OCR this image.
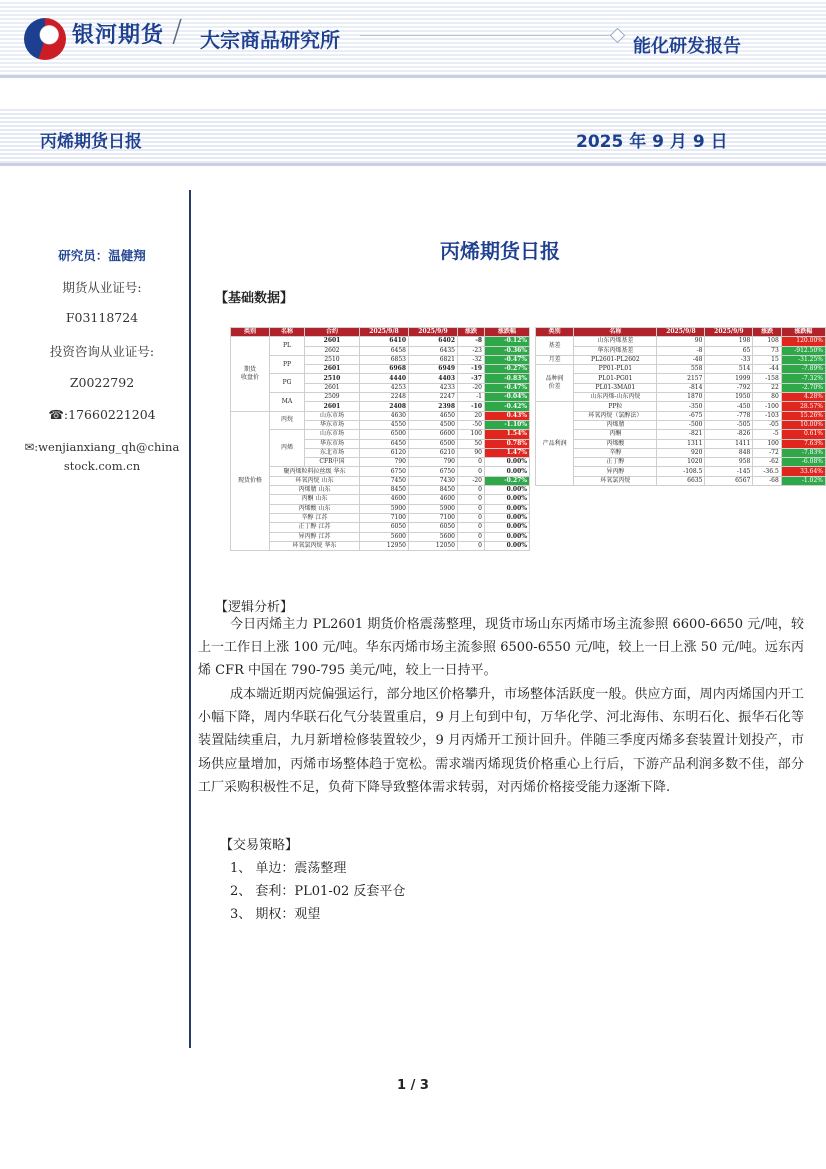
银河期货 / 大宗商品研究所	能化研发报告
丙烯期货日报	2025 年 9 月 9 日
研究员：温健翔
期货从业证号:
F03118724
投资咨询从业证号:
Z0022792
☎:17660221204
✉:wenjianxiang_qh@china
stock.com.cn
丙烯期货日报
【基础数据】
类别	名称	合约	2025/9/8	2025/9/9	涨跌	涨跌幅
期货
收盘价	PL	2601	6410	6402	-8	-0.12%
		2602	6458	6435	-23	-0.36%
	PP	2510	6853	6821	-32	-0.47%
		2601	6968	6949	-19	-0.27%
	PG	2510	4440	4403	-37	-0.83%
		2601	4253	4233	-20	-0.47%
	MA	2509	2248	2247	-1	-0.04%
		2601	2408	2398	-10	-0.42%
现货价格	丙烷	山东市场	4630	4650	20	0.43%
		华东市场	4550	4500	-50	-1.10%
	丙烯	山东市场	6500	6600	100	1.54%
		华东市场	6450	6500	50	0.78%
		东北市场	6120	6210	90	1.47%
		CFR中国	790	790	0	0.00%
	聚丙烯粒料拉丝级 华东		6750	6750	0	0.00%
	环氧丙烷 山东		7450	7430	-20	-0.27%
	丙烯腈 山东		8450	8450	0	0.00%
	丙酮 山东		4600	4600	0	0.00%
	丙烯酸 山东		5900	5900	0	0.00%
	辛醇 江苏		7100	7100	0	0.00%
	正丁醇 江苏		6050	6050	0	0.00%
	异丙醇 江苏		5600	5600	0	0.00%
	环氧氯丙烷 华东		12950	12050	0	0.00%
类别	名称	2025/9/8	2025/9/9	涨跌	涨跌幅
基差	山东丙烯基差	90	198	108	120.00%
	华东丙烯基差	-8	65	73	-912.50%
月差	PL2601-PL2602	-48	-33	15	-31.25%
品种间
价差	PP01-PL01	558	514	-44	-7.89%
	PL01-PG01	2157	1999	-158	-7.32%
	PL01-3MA01	-814	-792	22	-2.70%
	山东丙烯-山东丙烷	1870	1950	80	4.28%
产品利润	PP粒	-350	-450	-100	28.57%
	环氧丙烷（氯醇法）	-675	-778	-103	15.26%
	丙烯腈	-500	-505	-05	10.00%
	丙酮	-821	-826	-5	0.61%
	丙烯酸	1311	1411	100	7.63%
	辛醇	920	848	-72	-7.83%
	正丁醇	1020	958	-62	-6.08%
	异丙醇	-108.5	-145	-36.5	33.64%
	环氧氯丙烷	6635	6567	-68	-1.02%
【逻辑分析】
今日丙烯主力 PL2601 期货价格震荡整理，现货市场山东丙烯市场主流参照 6600-6650 元/吨，较上一工作日上涨 100 元/吨。华东丙烯市场主流参照 6500-6550 元/吨，较上一日上涨 50 元/吨。远东丙烯 CFR 中国在 790-795 美元/吨，较上一日持平。
成本端近期丙烷偏强运行，部分地区价格攀升，市场整体活跃度一般。供应方面，周内丙烯国内开工小幅下降，周内华联石化气分装置重启，9 月上旬到中旬，万华化学、河北海伟、东明石化、振华石化等装置陆续重启，九月新增检修装置较少，9 月丙烯开工预计回升。伴随三季度丙烯多套装置计划投产，市场供应量增加，丙烯市场整体趋于宽松。需求端丙烯现货价格重心上行后，下游产品利润多数不佳，部分工厂采购积极性不足，负荷下降导致整体需求转弱，对丙烯价格接受能力逐渐下降.
【交易策略】
1、 单边：震荡整理
2、 套利：PL01-02 反套平仓
3、 期权：观望
1 / 3
